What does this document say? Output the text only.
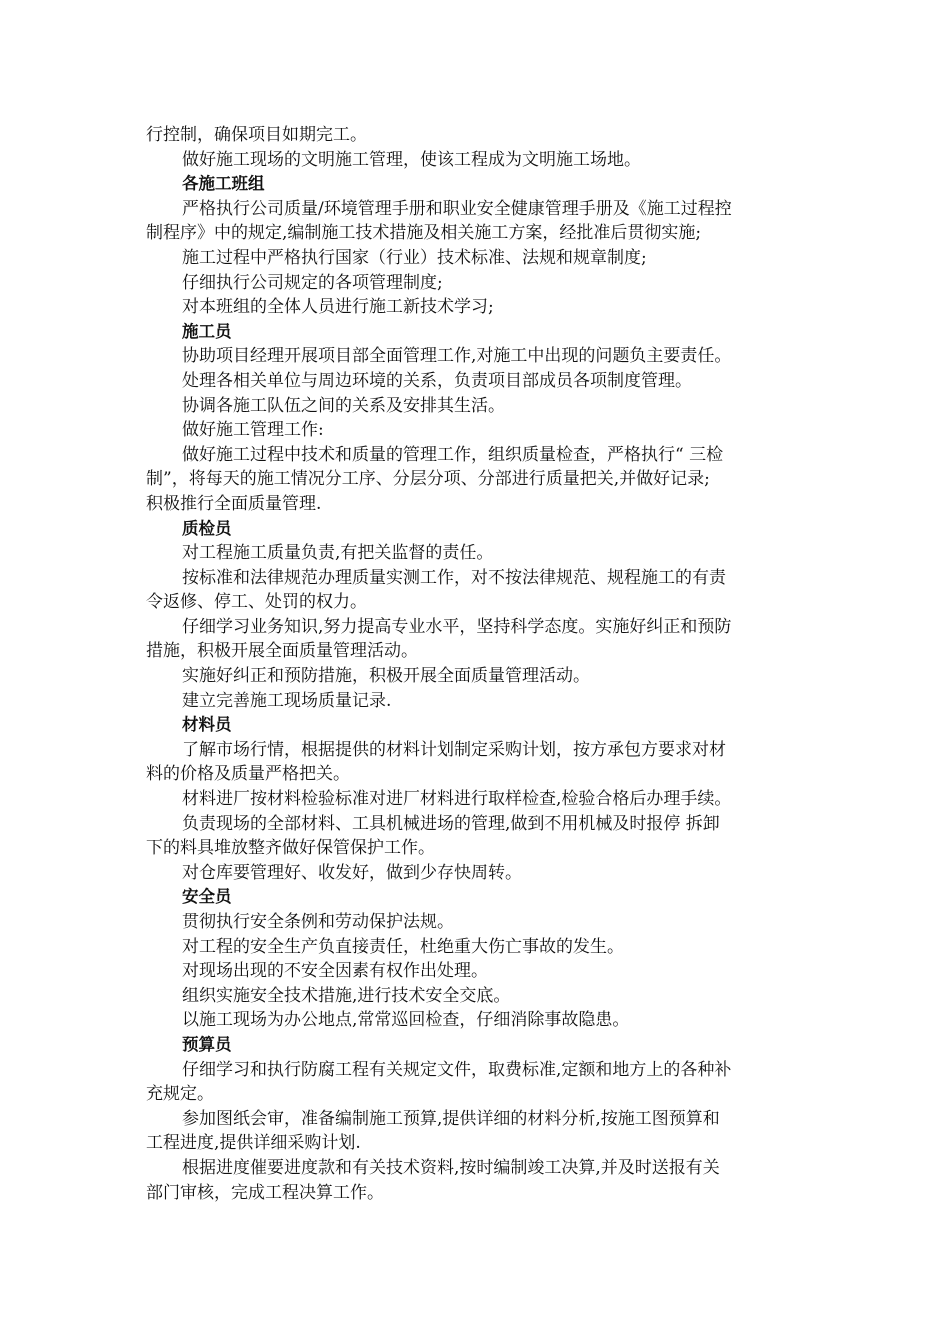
行控制，确保项目如期完工。
做好施工现场的文明施工管理，使该工程成为文明施工场地。
各施工班组
严格执行公司质量/环境管理手册和职业安全健康管理手册及《施工过程控
制程序》中的规定,编制施工技术措施及相关施工方案，经批准后贯彻实施;
施工过程中严格执行国家（行业）技术标准、法规和规章制度;
仔细执行公司规定的各项管理制度;
对本班组的全体人员进行施工新技术学习;
施工员
协助项目经理开展项目部全面管理工作,对施工中出现的问题负主要责任。
处理各相关单位与周边环境的关系，负责项目部成员各项制度管理。
协调各施工队伍之间的关系及安排其生活。
做好施工管理工作:
做好施工过程中技术和质量的管理工作，组织质量检查，严格执行“ 三检
制”，将每天的施工情况分工序、分层分项、分部进行质量把关,并做好记录;
积极推行全面质量管理.
质检员
对工程施工质量负责,有把关监督的责任。
按标准和法律规范办理质量实测工作，对不按法律规范、规程施工的有责
令返修、停工、处罚的权力。
仔细学习业务知识,努力提高专业水平，坚持科学态度。实施好纠正和预防
措施，积极开展全面质量管理活动。
实施好纠正和预防措施，积极开展全面质量管理活动。
建立完善施工现场质量记录.
材料员
了解市场行情，根据提供的材料计划制定采购计划，按方承包方要求对材
料的价格及质量严格把关。
材料进厂按材料检验标准对进厂材料进行取样检查,检验合格后办理手续。
负责现场的全部材料、工具机械进场的管理,做到不用机械及时报停 拆卸
下的料具堆放整齐做好保管保护工作。
对仓库要管理好、收发好，做到少存快周转。
安全员
贯彻执行安全条例和劳动保护法规。
对工程的安全生产负直接责任，杜绝重大伤亡事故的发生。
对现场出现的不安全因素有权作出处理。
组织实施安全技术措施,进行技术安全交底。
以施工现场为办公地点,常常巡回检查，仔细消除事故隐患。
预算员
仔细学习和执行防腐工程有关规定文件，取费标准,定额和地方上的各种补
充规定。
参加图纸会审，准备编制施工预算,提供详细的材料分析,按施工图预算和
工程进度,提供详细采购计划.
根据进度催要进度款和有关技术资料,按时编制竣工决算,并及时送报有关
部门审核，完成工程决算工作。
